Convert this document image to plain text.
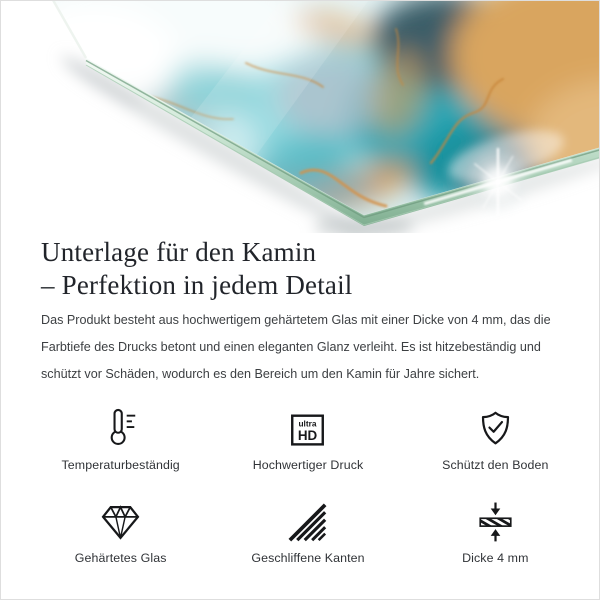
Unterlage für den Kamin
– Perfektion in jedem Detail

Das Produkt besteht aus hochwertigem gehärtetem Glas mit einer Dicke von 4 mm, das die

Farbtiefe des Drucks betont und einen eleganten Glanz verleiht. Es ist hitzebeständig und

schützt vor Schäden, wodurch es den Bereich um den Kamin für Jahre sichert.

Temperaturbeständig
ultra
HD
Hochwertiger Druck	Schützt den Boden
Gehärtetes Glas	Geschliffene Kanten	Dicke 4 mm
